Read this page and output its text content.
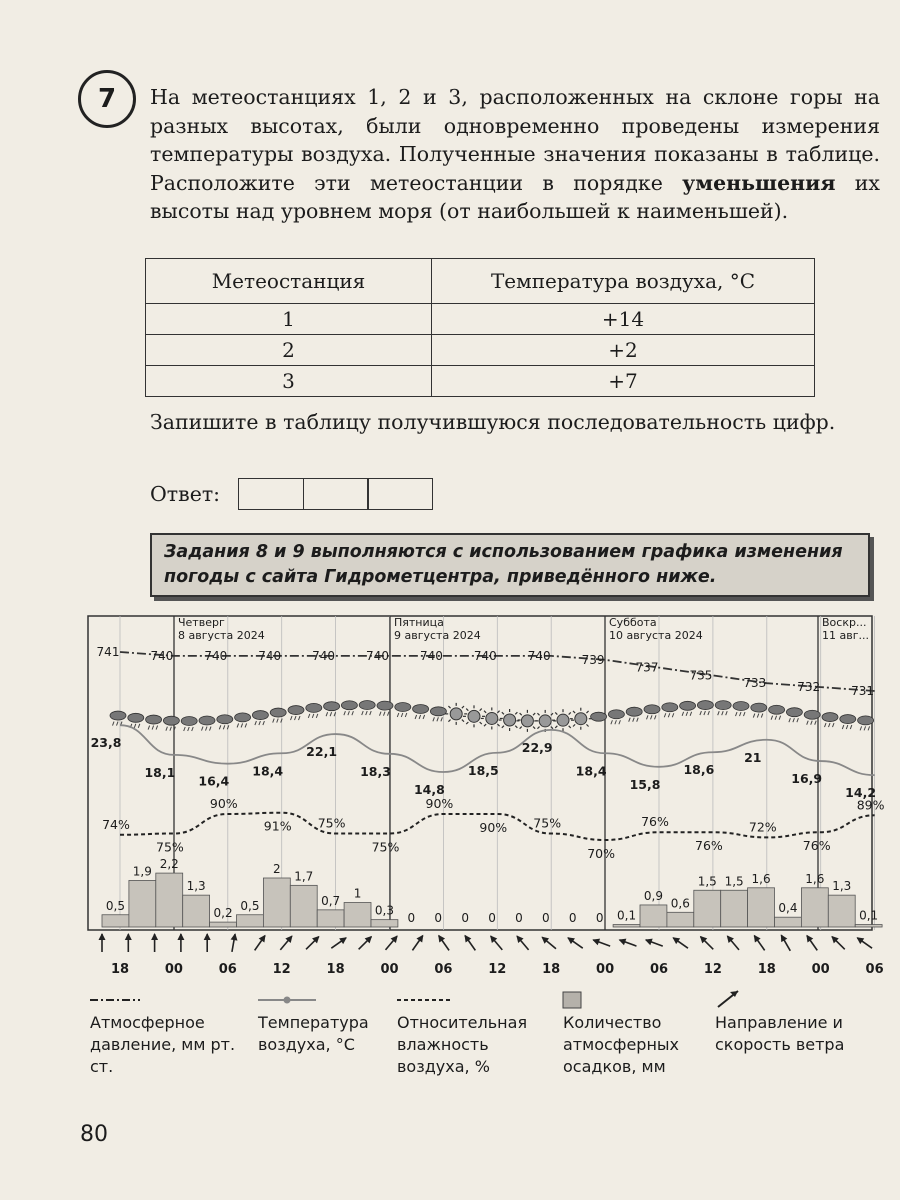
7 На метеостанциях 1, 2 и 3, расположенных на склоне горы на разных высотах, были одновременно проведены измерения температуры воздуха. Полученные значения показаны в таблице. Расположите эти метеостанции в порядке уменьшения их высоты над уровнем моря (от наибольшей к наименьшей).
Метеостанция	Температура воздуха, °С
1	+14
2	+2
3	+7
Запишите в таблицу получившуюся последовательность цифр.
Ответ:
Задания 8 и 9 выполняются с использованием графика изменения погоды с сайта Гидрометцентра, приведённого ниже.
Четверг
8 августа 2024
Пятница
9 августа 2024
Суббота
10 августа 2024
Воскр...
11 авг...
0,5
1,9
2,2
1,3
0,2
0,5
2
1,7
0,7
1
0,3
0 0 0 0 0 0 0 0 0,1
0,9
0,6
1,5 1,5 1,6
0,4
1,6
1,3
0,1
741	740	740	740	740	740	740	740	740	739
737
735
733	732	731
23,8
18,1
16,4
18,4
22,1
18,3
14,8
18,5
22,9
18,4
15,8
18,6
21
16,9
14,2
74%
75%
90%
91% 75%
75%
90%
90% 75%
70%
76%
76%
72%
76%
89%
18	00	06	12	18	00	06	12	18	00	06	12	18	00	06
Атмосферное давление, мм рт. ст.
Температура воздуха, °С
Относительная влажность воздуха, %
Количество атмосферных осадков, мм
Направление и скорость ветра
80
